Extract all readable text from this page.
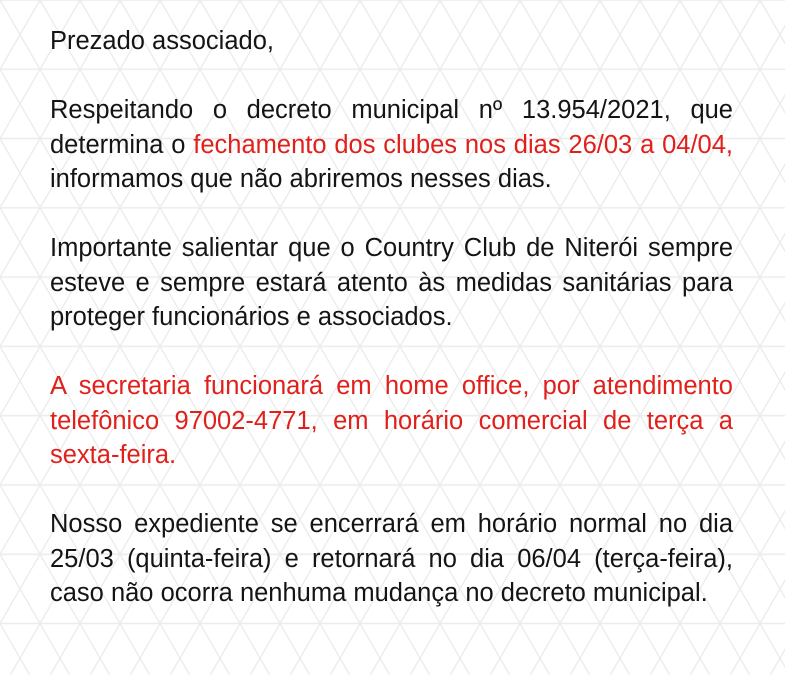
Prezado associado,

Respeitando o decreto municipal nº 13.954/2021, que determina o fechamento dos clubes nos dias 26/03 a 04/04, informamos que não abriremos nesses dias.

Importante salientar que o Country Club de Niterói sempre esteve e sempre estará atento às medidas sanitárias para proteger funcionários e associados.

A secretaria funcionará em home office, por atendimento telefônico 97002-4771, em horário comercial de terça a sexta-feira.

Nosso expediente se encerrará em horário normal no dia 25/03 (quinta-feira) e retornará no dia 06/04 (terça-feira), caso não ocorra nenhuma mudança no decreto municipal.
